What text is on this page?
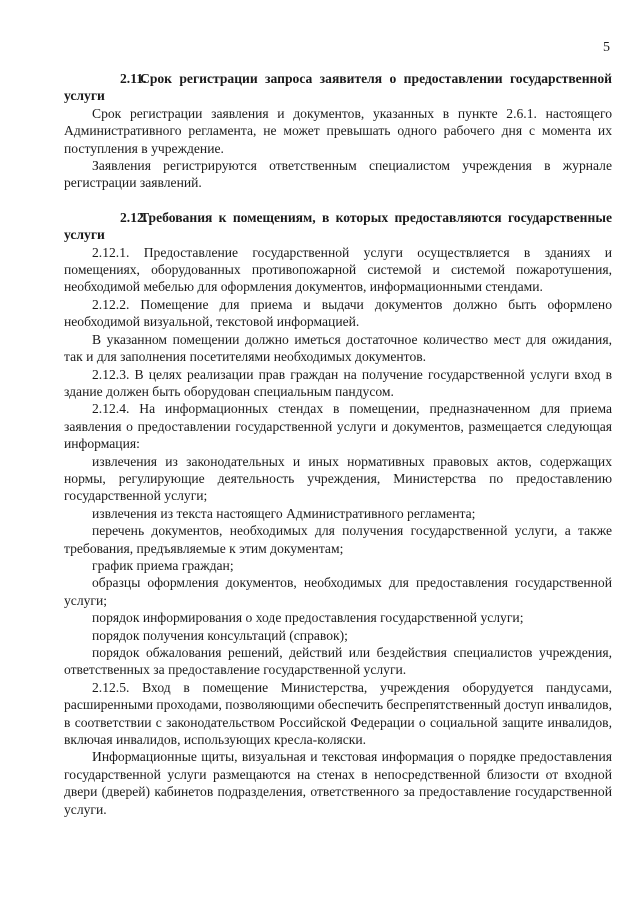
5
2.11.Срок регистрации запроса заявителя о предоставлении государственной услуги

Срок регистрации заявления и документов, указанных в пункте 2.6.1. настоящего Административного регламента, не может превышать одного рабочего дня с момента их поступления в учреждение.

Заявления регистрируются ответственным специалистом учреждения в журнале регистрации заявлений.

2.12.Требования к помещениям, в которых предоставляются государственные услуги

2.12.1. Предоставление государственной услуги осуществляется в зданиях и помещениях, оборудованных противопожарной системой и системой пожаротушения, необходимой мебелью для оформления документов, информационными стендами.

2.12.2. Помещение для приема и выдачи документов должно быть оформлено необходимой визуальной, текстовой информацией.

В указанном помещении должно иметься достаточное количество мест для ожидания, так и для заполнения посетителями необходимых документов.

2.12.3. В целях реализации прав граждан на получение государственной услуги вход в здание должен быть оборудован специальным пандусом.

2.12.4. На информационных стендах в помещении, предназначенном для приема заявления о предоставлении государственной услуги и документов, размещается следующая информация:

извлечения из законодательных и иных нормативных правовых актов, содержащих нормы, регулирующие деятельность учреждения, Министерства по предоставлению государственной услуги;

извлечения из текста настоящего Административного регламента;

перечень документов, необходимых для получения государственной услуги, а также требования, предъявляемые к этим документам;

график приема граждан;

образцы оформления документов, необходимых для предоставления государственной услуги;

порядок информирования о ходе предоставления государственной услуги;

порядок получения консультаций (справок);

порядок обжалования решений, действий или бездействия специалистов учреждения, ответственных за предоставление государственной услуги.

2.12.5. Вход в помещение Министерства, учреждения оборудуется пандусами, расширенными проходами, позволяющими обеспечить беспрепятственный доступ инвалидов, в соответствии с законодательством Российской Федерации о социальной защите инвалидов, включая инвалидов, использующих кресла-коляски.

Информационные щиты, визуальная и текстовая информация о порядке предоставления государственной услуги размещаются на стенах в непосредственной близости от входной двери (дверей) кабинетов подразделения, ответственного за предоставление государственной услуги.
